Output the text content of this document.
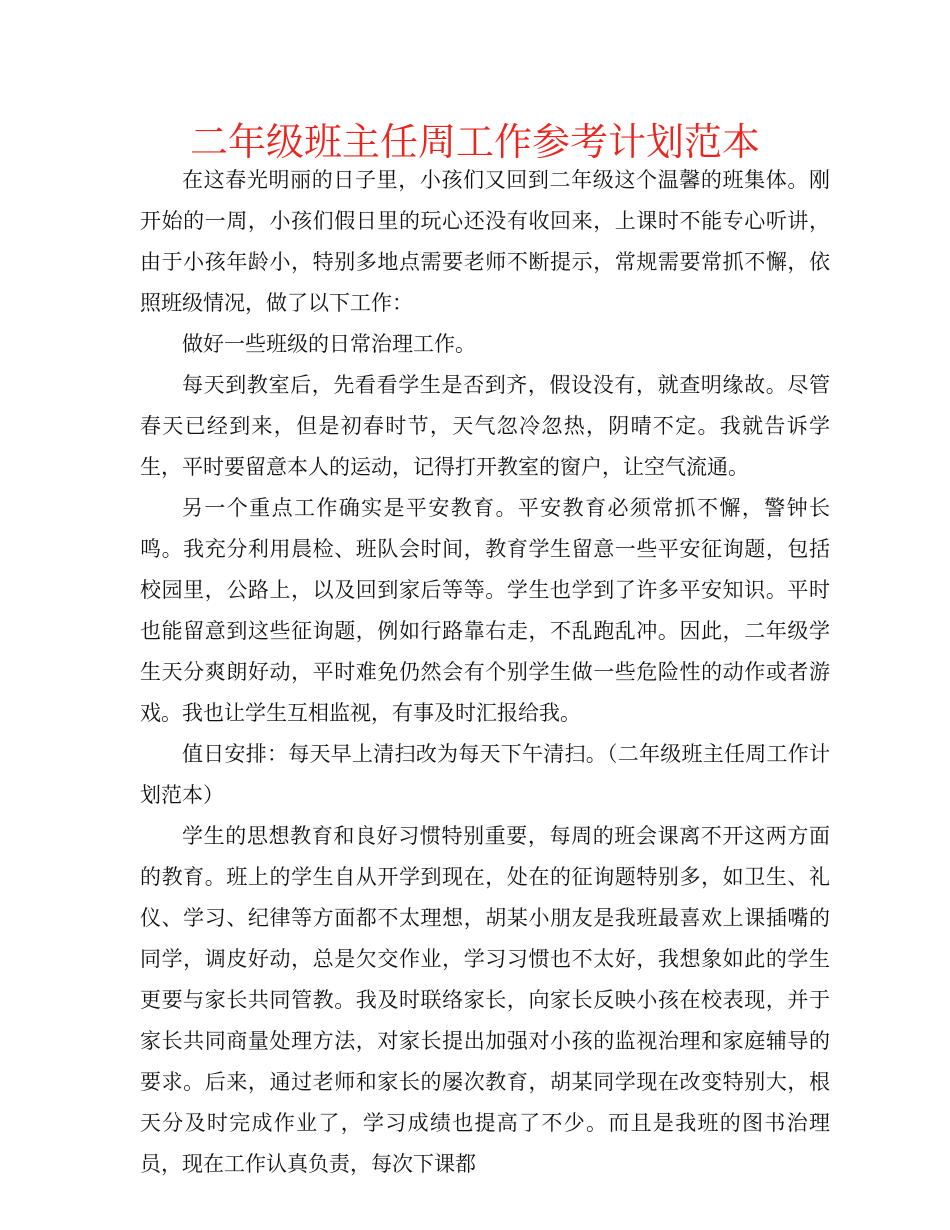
二年级班主任周工作参考计划范本

在这春光明丽的日子里，小孩们又回到二年级这个温馨的班集体。刚开始的一周，小孩们假日里的玩心还没有收回来，上课时不能专心听讲，由于小孩年龄小，特别多地点需要老师不断提示，常规需要常抓不懈，依照班级情况，做了以下工作：

做好一些班级的日常治理工作。

每天到教室后，先看看学生是否到齐，假设没有，就查明缘故。尽管春天已经到来，但是初春时节，天气忽冷忽热，阴晴不定。我就告诉学生，平时要留意本人的运动，记得打开教室的窗户，让空气流通。

另一个重点工作确实是平安教育。平安教育必须常抓不懈，警钟长鸣。我充分利用晨检、班队会时间，教育学生留意一些平安征询题，包括校园里，公路上，以及回到家后等等。学生也学到了许多平安知识。平时也能留意到这些征询题，例如行路靠右走，不乱跑乱冲。因此，二年级学生天分爽朗好动，平时难免仍然会有个别学生做一些危险性的动作或者游戏。我也让学生互相监视，有事及时汇报给我。

值日安排：每天早上清扫改为每天下午清扫。（二年级班主任周工作计划范本）

学生的思想教育和良好习惯特别重要，每周的班会课离不开这两方面的教育。班上的学生自从开学到现在，处在的征询题特别多，如卫生、礼仪、学习、纪律等方面都不太理想，胡某小朋友是我班最喜欢上课插嘴的同学，调皮好动，总是欠交作业，学习习惯也不太好，我想象如此的学生更要与家长共同管教。我及时联络家长，向家长反映小孩在校表现，并于家长共同商量处理方法，对家长提出加强对小孩的监视治理和家庭辅导的要求。后来，通过老师和家长的屡次教育，胡某同学现在改变特别大，根天分及时完成作业了，学习成绩也提高了不少。而且是我班的图书治理员，现在工作认真负责，每次下课都
